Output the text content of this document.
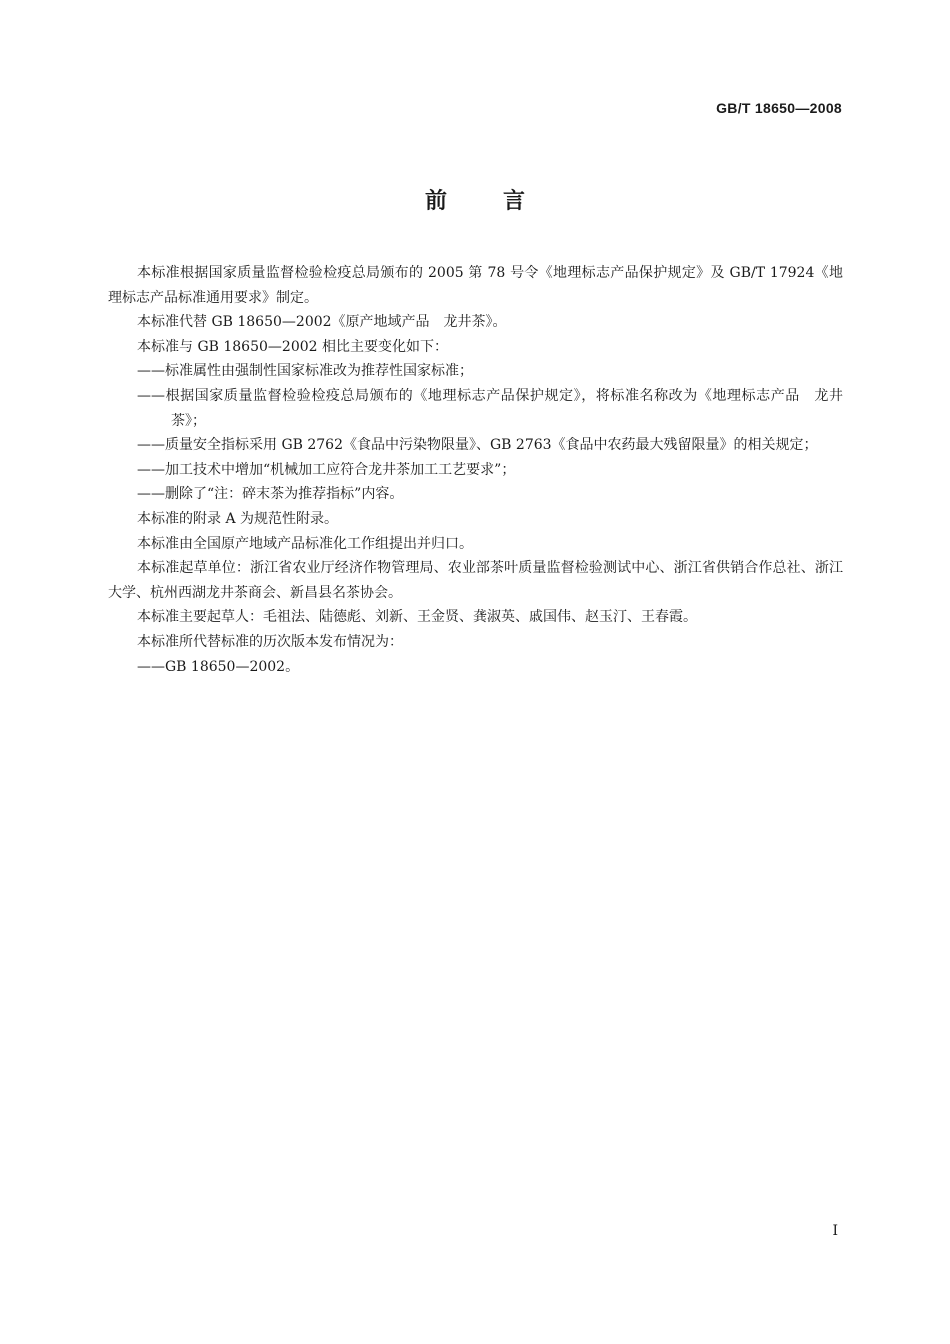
GB/T 18650—2008
前言

本标准根据国家质量监督检验检疫总局颁布的 2005 第 78 号令《地理标志产品保护规定》及 GB/T 17924《地理标志产品标准通用要求》制定。

本标准代替 GB 18650—2002《原产地域产品　龙井茶》。

本标准与 GB 18650—2002 相比主要变化如下：

——标准属性由强制性国家标准改为推荐性国家标准；

——根据国家质量监督检验检疫总局颁布的《地理标志产品保护规定》，将标准名称改为《地理标志产品　龙井茶》；

——质量安全指标采用 GB 2762《食品中污染物限量》、GB 2763《食品中农药最大残留限量》的相关规定；

——加工技术中增加“机械加工应符合龙井茶加工工艺要求”；

——删除了“注：碎末茶为推荐指标”内容。

本标准的附录 A 为规范性附录。

本标准由全国原产地域产品标准化工作组提出并归口。

本标准起草单位：浙江省农业厅经济作物管理局、农业部茶叶质量监督检验测试中心、浙江省供销合作总社、浙江大学、杭州西湖龙井茶商会、新昌县名茶协会。

本标准主要起草人：毛祖法、陆德彪、刘新、王金贤、龚淑英、戚国伟、赵玉汀、王春霞。

本标准所代替标准的历次版本发布情况为：

——GB 18650—2002。

I
